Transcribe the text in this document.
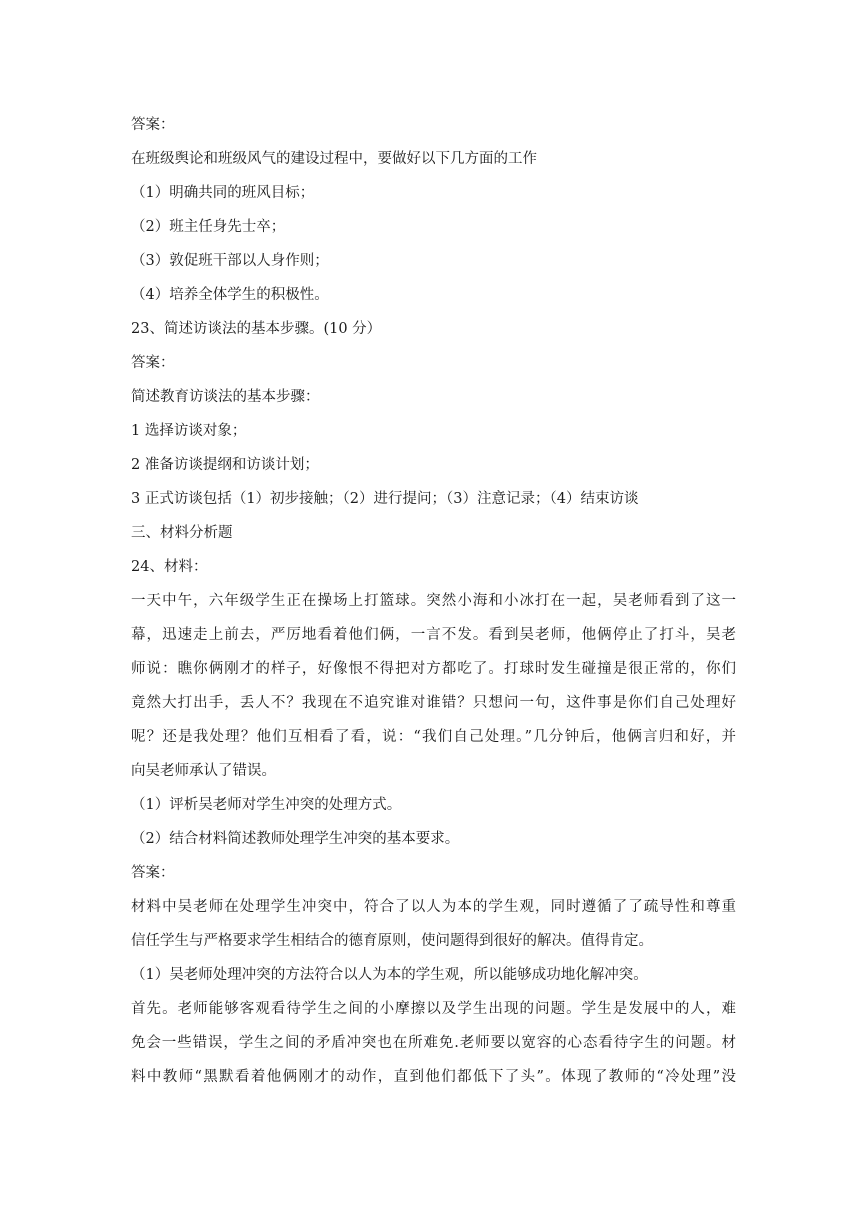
答案：
在班级舆论和班级风气的建设过程中，要做好以下几方面的工作
（1）明确共同的班风目标；
（2）班主任身先士卒；
（3）敦促班干部以人身作则；
（4）培养全体学生的积极性。
23、简述访谈法的基本步骤。(10 分）
答案：
简述教育访谈法的基本步骤：
1 选择访谈对象；
2 准备访谈提纲和访谈计划；
3 正式访谈包括（1）初步接触；（2）进行提问；（3）注意记录；（4）结束访谈
三、材料分析题
24、材料：
一天中午，六年级学生正在操场上打篮球。突然小海和小冰打在一起，吴老师看到了这一
幕，迅速走上前去，严厉地看着他们俩，一言不发。看到吴老师，他俩停止了打斗，吴老
师说：瞧你俩刚才的样子，好像恨不得把对方都吃了。打球时发生碰撞是很正常的，你们
竟然大打出手，丢人不？我现在不追究谁对谁错？只想问一句，这件事是你们自己处理好
呢？还是我处理？他们互相看了看，说：“我们自己处理。”几分钟后，他俩言归和好，并
向吴老师承认了错误。
（1）评析吴老师对学生冲突的处理方式。
（2）结合材料简述教师处理学生冲突的基本要求。
答案：
材料中吴老师在处理学生冲突中，符合了以人为本的学生观，同时遵循了了疏导性和尊重
信任学生与严格要求学生相结合的德育原则，使问题得到很好的解决。值得肯定。
（1）吴老师处理冲突的方法符合以人为本的学生观，所以能够成功地化解冲突。
首先。老师能够客观看待学生之间的小摩擦以及学生出现的问题。学生是发展中的人，难
免会一些错误，学生之间的矛盾冲突也在所难免.老师要以宽容的心态看待字生的问题。材
料中教师“黑默看着他俩刚才的动作，直到他们都低下了头”。体现了教师的“冷处理”没
